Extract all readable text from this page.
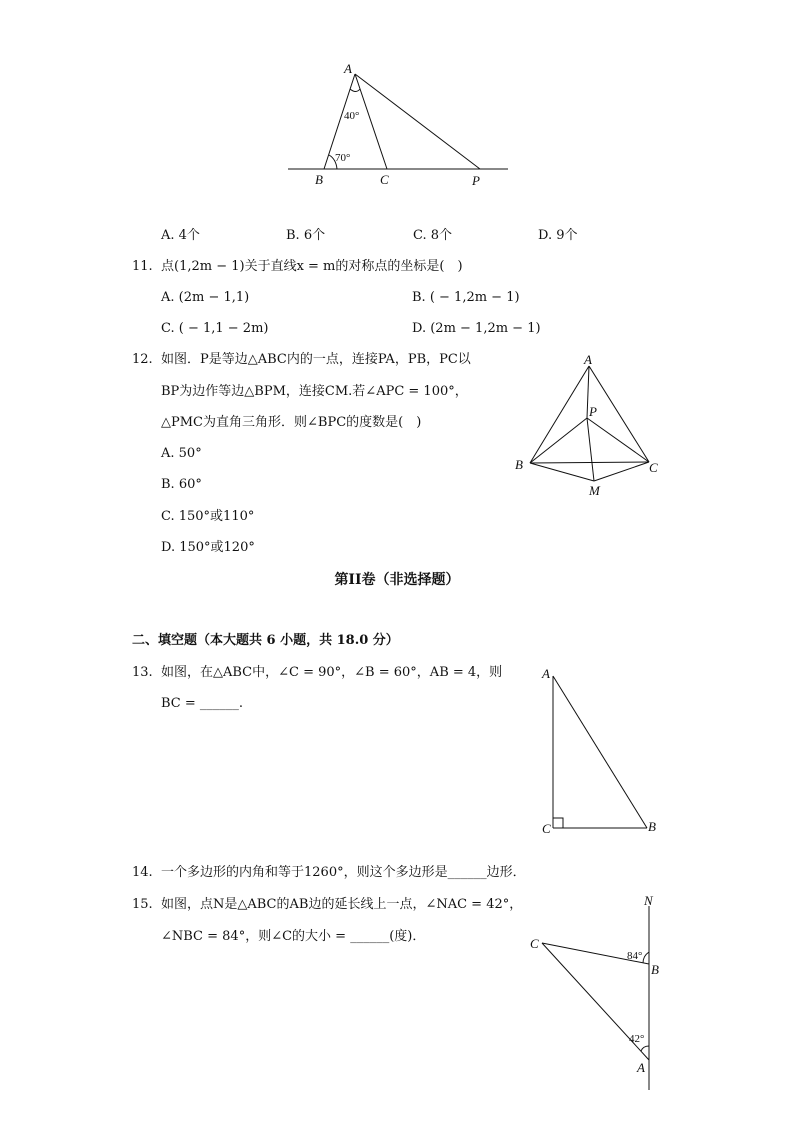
A
B	C	P
40°
70°
A. 4个	B. 6个	C. 8个	D. 9个
11. 点(1,2m − 1)关于直线x = m的对称点的坐标是(　)
A. (2m − 1,1)	B. ( − 1,2m − 1)
C. ( − 1,1 − 2m)	D. (2m − 1,2m − 1)
12. 如图．P是等边△ABC内的一点，连接PA，PB，PC以
BP为边作等边△BPM，连接CM.若∠APC = 100°，
△PMC为直角三角形．则∠BPC的度数是(　)
A. 50°
B. 60°
C. 150°或110°
D. 150°或120°
A
P
B	C
M
第II卷（非选择题）
二、填空题（本大题共 6 小题，共 18.0 分）
13. 如图，在△ABC中，∠C = 90°，∠B = 60°，AB = 4，则
BC = ______.
A
C	B
14. 一个多边形的内角和等于1260°，则这个多边形是______边形．
15. 如图，点N是△ABC的AB边的延长线上一点，∠NAC = 42°，
∠NBC = 84°，则∠C的大小 = ______(度)．
N
C
B
A
84°
42°
